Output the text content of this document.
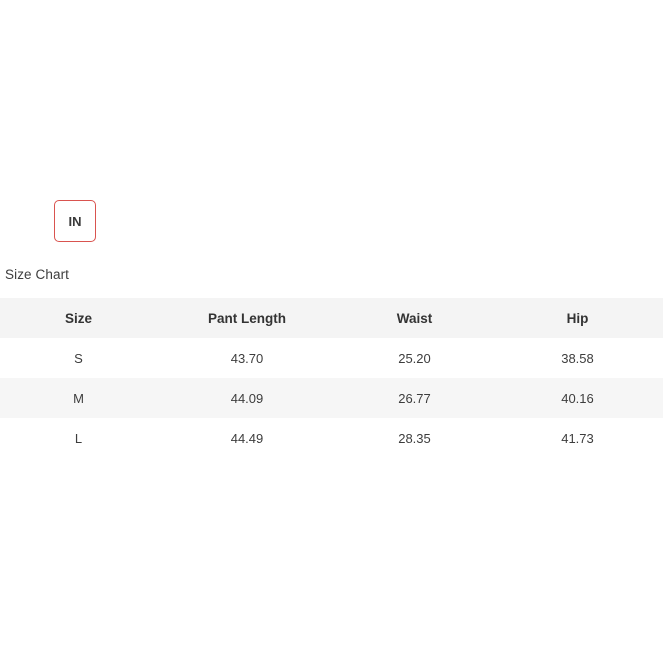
IN
Size Chart
Size	Pant Length	Waist	Hip
S	43.70	25.20	38.58
M	44.09	26.77	40.16
L	44.49	28.35	41.73
